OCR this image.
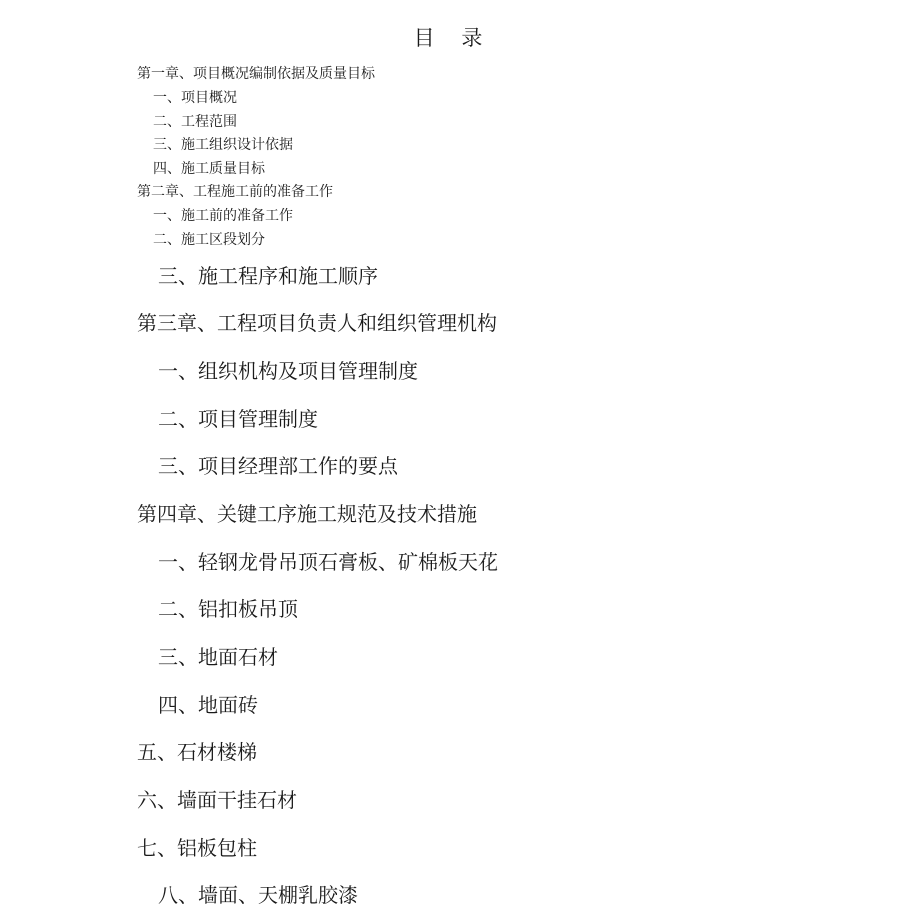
目 录
第一章、项目概况编制依据及质量目标
一、项目概况
二、工程范围
三、施工组织设计依据
四、施工质量目标
第二章、工程施工前的准备工作
一、施工前的准备工作
二、施工区段划分
三、施工程序和施工顺序
第三章、工程项目负责人和组织管理机构
一、组织机构及项目管理制度
二、项目管理制度
三、项目经理部工作的要点
第四章、关键工序施工规范及技术措施
一、轻钢龙骨吊顶石膏板、矿棉板天花
二、铝扣板吊顶
三、地面石材
四、地面砖
五、石材楼梯
六、墙面干挂石材
七、铝板包柱
八、墙面、天棚乳胶漆
